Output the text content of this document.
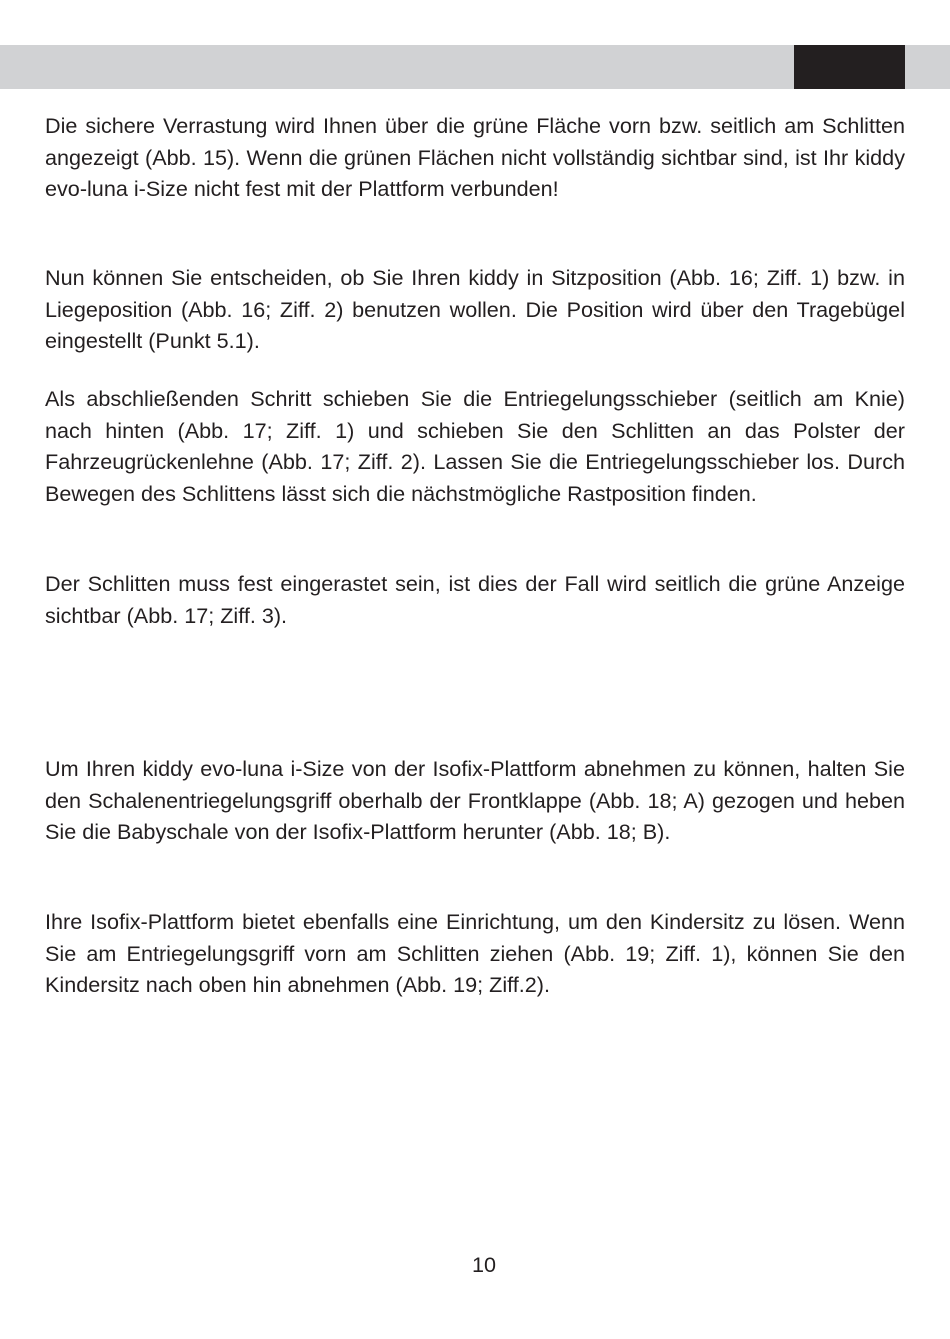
Die sichere Verrastung wird Ihnen über die grüne Fläche vorn bzw. seitlich am Schlitten angezeigt (Abb. 15). Wenn die grünen Flächen nicht vollständig sichtbar sind, ist Ihr kiddy evo-luna i-Size nicht fest mit der Plattform verbunden!

Nun können Sie entscheiden, ob Sie Ihren kiddy in Sitzposition (Abb. 16; Ziff. 1) bzw. in Liegeposition (Abb. 16; Ziff. 2) benutzen wollen. Die Position wird über den Tragebügel eingestellt (Punkt 5.1).

Als abschließenden Schritt schieben Sie die Entriegelungsschieber (seitlich am Knie) nach hinten (Abb. 17; Ziff. 1) und schieben Sie den Schlitten an das Polster der Fahrzeugrückenlehne (Abb. 17; Ziff. 2). Lassen Sie die Entriegelungsschieber los. Durch Bewegen des Schlittens lässt sich die nächstmögliche Rastposition finden.

Der Schlitten muss fest eingerastet sein, ist dies der Fall wird seitlich die grüne Anzeige sichtbar (Abb. 17; Ziff. 3).

Um Ihren kiddy evo-luna i-Size von der Isofix-Plattform abnehmen zu können, halten Sie den Schalenentriegelungsgriff oberhalb der Frontklappe (Abb. 18; A) gezogen und heben Sie die Babyschale von der Isofix-Plattform herunter (Abb. 18; B).

Ihre Isofix-Plattform bietet ebenfalls eine Einrichtung, um den Kindersitz zu lösen. Wenn Sie am Entriegelungsgriff vorn am Schlitten ziehen (Abb. 19; Ziff. 1), können Sie den Kindersitz nach oben hin abnehmen (Abb. 19; Ziff.2).

10
